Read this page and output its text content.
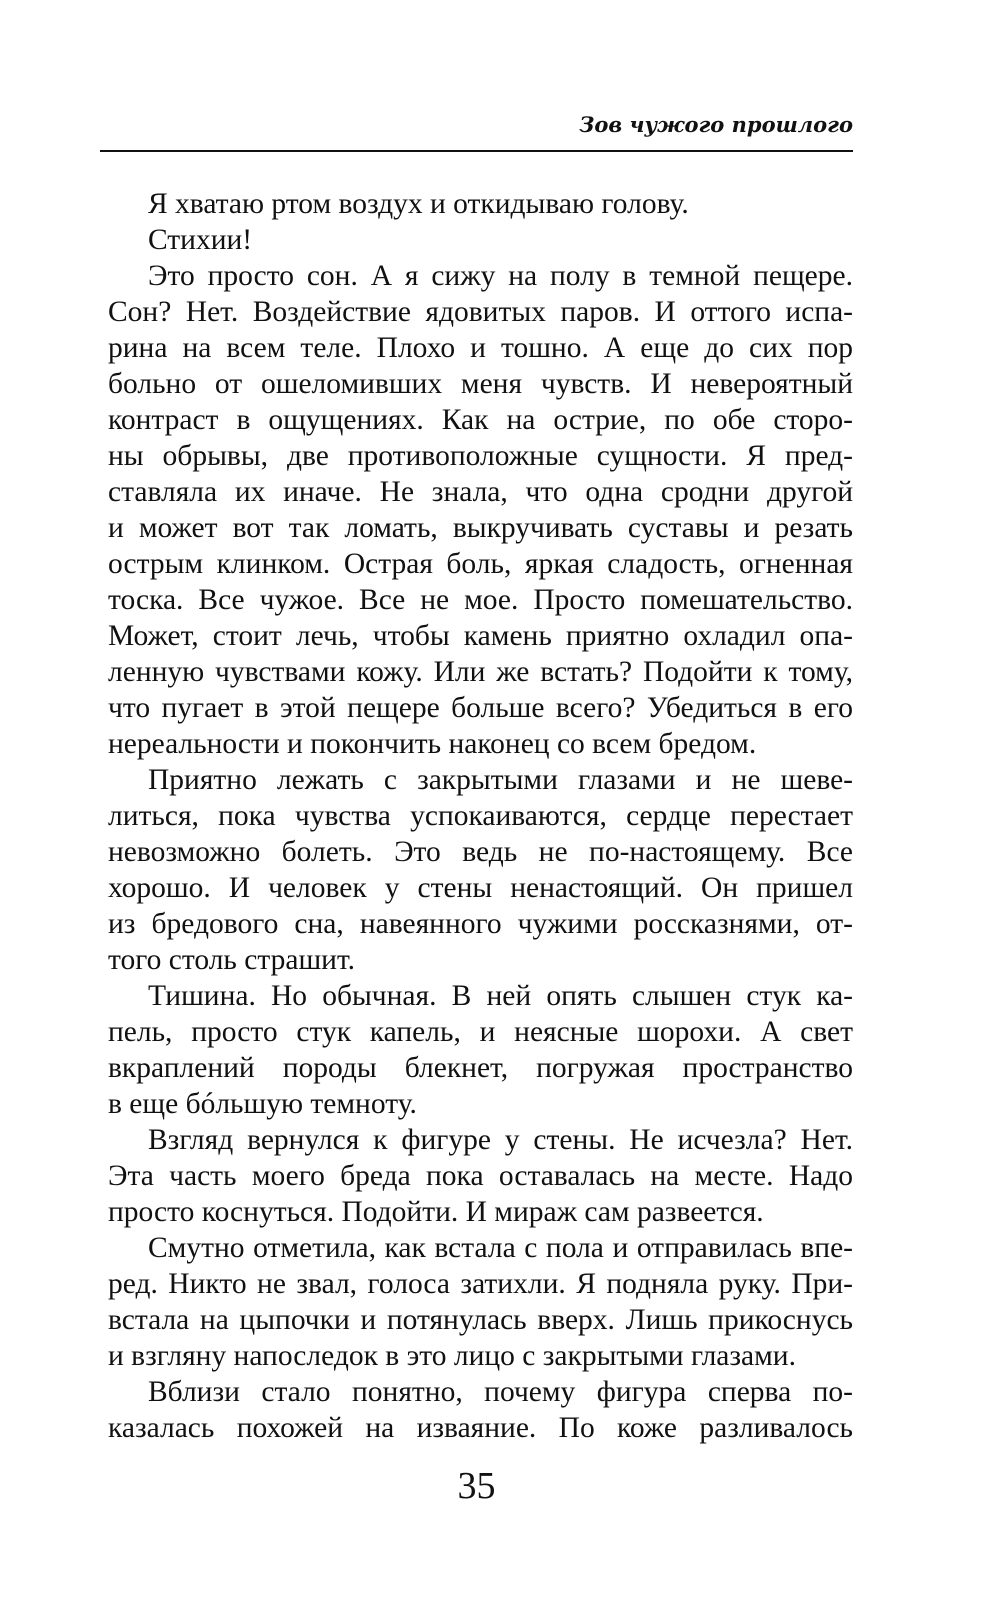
Зов чужого прошлого
Я хватаю ртом воздух и откидываю голову.
Стихии!
Это просто сон. А я сижу на полу в темной пещере.
Сон? Нет. Воздействие ядовитых паров. И оттого испа-
рина на всем теле. Плохо и тошно. А еще до сих пор
больно от ошеломивших меня чувств. И невероятный
контраст в ощущениях. Как на острие, по обе сторо-
ны обрывы, две противоположные сущности. Я пред-
ставляла их иначе. Не знала, что одна сродни другой
и может вот так ломать, выкручивать суставы и резать
острым клинком. Острая боль, яркая сладость, огненная
тоска. Все чужое. Все не мое. Просто помешательство.
Может, стоит лечь, чтобы камень приятно охладил опа-
ленную чувствами кожу. Или же встать? Подойти к тому,
что пугает в этой пещере больше всего? Убедиться в его
нереальности и покончить наконец со всем бредом.
Приятно лежать с закрытыми глазами и не шеве-
литься, пока чувства успокаиваются, сердце перестает
невозможно болеть. Это ведь не по-настоящему. Все
хорошо. И человек у стены ненастоящий. Он пришел
из бредового сна, навеянного чужими россказнями, от-
того столь страшит.
Тишина. Но обычная. В ней опять слышен стук ка-
пель, просто стук капель, и неясные шорохи. А свет
вкраплений породы блекнет, погружая пространство
в еще бóльшую темноту.
Взгляд вернулся к фигуре у стены. Не исчезла? Нет.
Эта часть моего бреда пока оставалась на месте. Надо
просто коснуться. Подойти. И мираж сам развеется.
Смутно отметила, как встала с пола и отправилась впе-
ред. Никто не звал, голоса затихли. Я подняла руку. При-
встала на цыпочки и потянулась вверх. Лишь прикоснусь
и взгляну напоследок в это лицо с закрытыми глазами.
Вблизи стало понятно, почему фигура сперва по-
казалась похожей на изваяние. По коже разливалось
35
